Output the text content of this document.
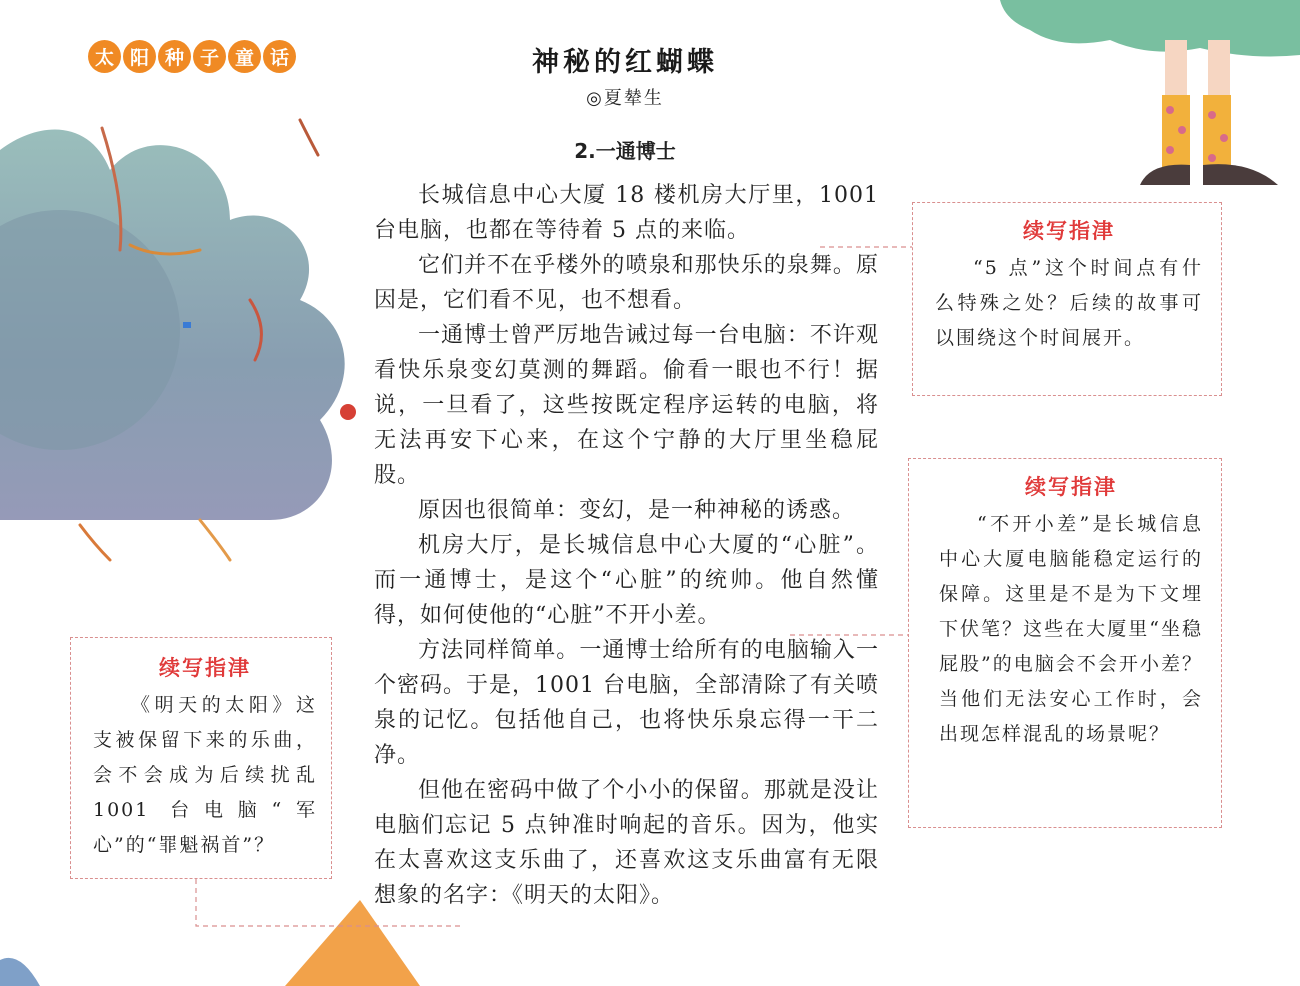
太 阳 种 子 童 话	神秘的红蝴蝶
◎夏辇生
2.一通博士

长城信息中心大厦 18 楼机房大厅里，1001 台电脑，也都在等待着 5 点的来临。

它们并不在乎楼外的喷泉和那快乐的泉舞。原因是，它们看不见，也不想看。

一通博士曾严厉地告诫过每一台电脑：不许观看快乐泉变幻莫测的舞蹈。偷看一眼也不行！据说，一旦看了，这些按既定程序运转的电脑，将无法再安下心来，在这个宁静的大厅里坐稳屁股。

原因也很简单：变幻，是一种神秘的诱惑。

机房大厅，是长城信息中心大厦的“心脏”。而一通博士，是这个“心脏”的统帅。他自然懂得，如何使他的“心脏”不开小差。

方法同样简单。一通博士给所有的电脑输入一个密码。于是，1001 台电脑，全部清除了有关喷泉的记忆。包括他自己，也将快乐泉忘得一干二净。

但他在密码中做了个小小的保留。那就是没让电脑们忘记 5 点钟准时响起的音乐。因为，他实在太喜欢这支乐曲了，还喜欢这支乐曲富有无限想象的名字：《明天的太阳》。

续写指津

“5 点”这个时间点有什么特殊之处？后续的故事可以围绕这个时间展开。

续写指津

“不开小差”是长城信息中心大厦电脑能稳定运行的保障。这里是不是为下文埋下伏笔？这些在大厦里“坐稳屁股”的电脑会不会开小差？当他们无法安心工作时，会出现怎样混乱的场景呢？

续写指津

《明天的太阳》这支被保留下来的乐曲，会不会成为后续扰乱 1001 台电脑“军心”的“罪魁祸首”？
